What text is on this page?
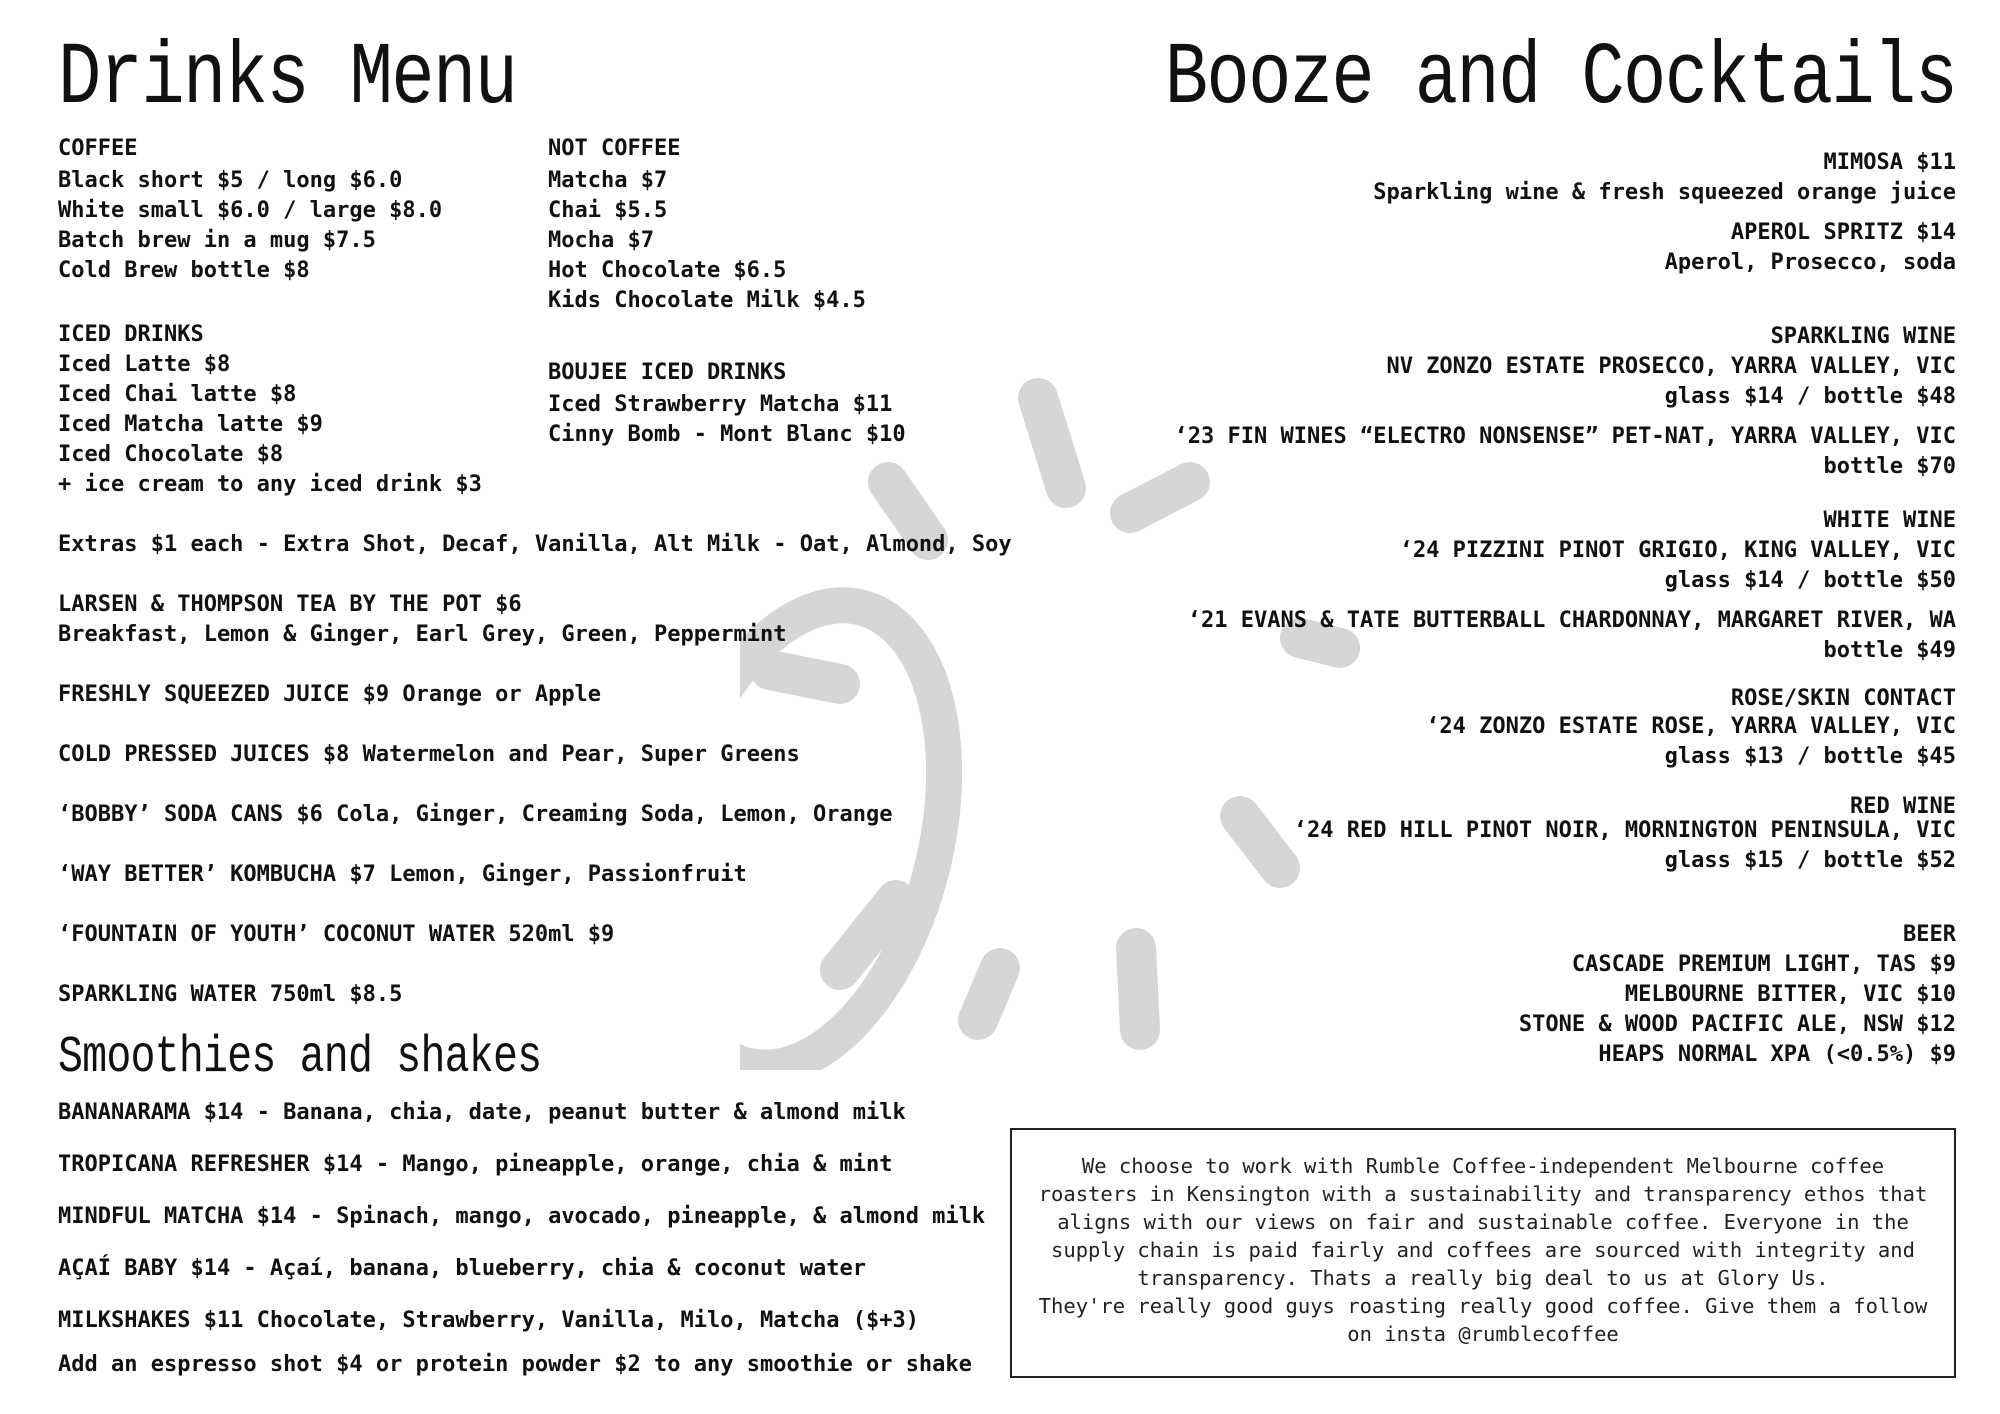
Drinks Menu	Booze and Cocktails
COFFEE
Black short $5 / long $6.0
White small $6.0 / large $8.0
Batch brew in a mug $7.5
Cold Brew bottle $8
NOT COFFEE
Matcha $7
Chai $5.5
Mocha $7
Hot Chocolate $6.5
Kids Chocolate Milk $4.5
ICED DRINKS
Iced Latte $8
Iced Chai latte $8
Iced Matcha latte $9
Iced Chocolate $8
+ ice cream to any iced drink $3
BOUJEE ICED DRINKS
Iced Strawberry Matcha $11
Cinny Bomb - Mont Blanc $10
Extras $1 each - Extra Shot, Decaf, Vanilla, Alt Milk - Oat, Almond, Soy
LARSEN & THOMPSON TEA BY THE POT $6
Breakfast, Lemon & Ginger, Earl Grey, Green, Peppermint
FRESHLY SQUEEZED JUICE $9 Orange or Apple
COLD PRESSED JUICES $8 Watermelon and Pear, Super Greens
‘BOBBY’ SODA CANS $6 Cola, Ginger, Creaming Soda, Lemon, Orange
‘WAY BETTER’ KOMBUCHA $7 Lemon, Ginger, Passionfruit
‘FOUNTAIN OF YOUTH’ COCONUT WATER 520ml $9
SPARKLING WATER 750ml $8.5
Smoothies and shakes
BANANARAMA $14 - Banana, chia, date, peanut butter & almond milk
TROPICANA REFRESHER $14 - Mango, pineapple, orange, chia & mint
MINDFUL MATCHA $14 - Spinach, mango, avocado, pineapple, & almond milk
AÇAÍ BABY $14 - Açaí, banana, blueberry, chia & coconut water
MILKSHAKES $11 Chocolate, Strawberry, Vanilla, Milo, Matcha ($+3)
Add an espresso shot $4 or protein powder $2 to any smoothie or shake
MIMOSA $11
Sparkling wine & fresh squeezed orange juice
APEROL SPRITZ $14
Aperol, Prosecco, soda
SPARKLING WINE
NV ZONZO ESTATE PROSECCO, YARRA VALLEY, VIC
glass $14 / bottle $48
‘23 FIN WINES “ELECTRO NONSENSE” PET-NAT, YARRA VALLEY, VIC
bottle $70
WHITE WINE
‘24 PIZZINI PINOT GRIGIO, KING VALLEY, VIC
glass $14 / bottle $50
‘21 EVANS & TATE BUTTERBALL CHARDONNAY, MARGARET RIVER, WA
bottle $49
ROSE/SKIN CONTACT
‘24 ZONZO ESTATE ROSE, YARRA VALLEY, VIC
glass $13 / bottle $45
RED WINE
‘24 RED HILL PINOT NOIR, MORNINGTON PENINSULA, VIC
glass $15 / bottle $52
BEER
CASCADE PREMIUM LIGHT, TAS $9
MELBOURNE BITTER, VIC $10
STONE & WOOD PACIFIC ALE, NSW $12
HEAPS NORMAL XPA (<0.5%) $9
We choose to work with Rumble Coffee-independent Melbourne coffee roasters in Kensington with a sustainability and transparency ethos that aligns with our views on fair and sustainable coffee. Everyone in the supply chain is paid fairly and coffees are sourced with integrity and transparency. Thats a really big deal to us at Glory Us.
They're really good guys roasting really good coffee. Give them a follow on insta @rumblecoffee
